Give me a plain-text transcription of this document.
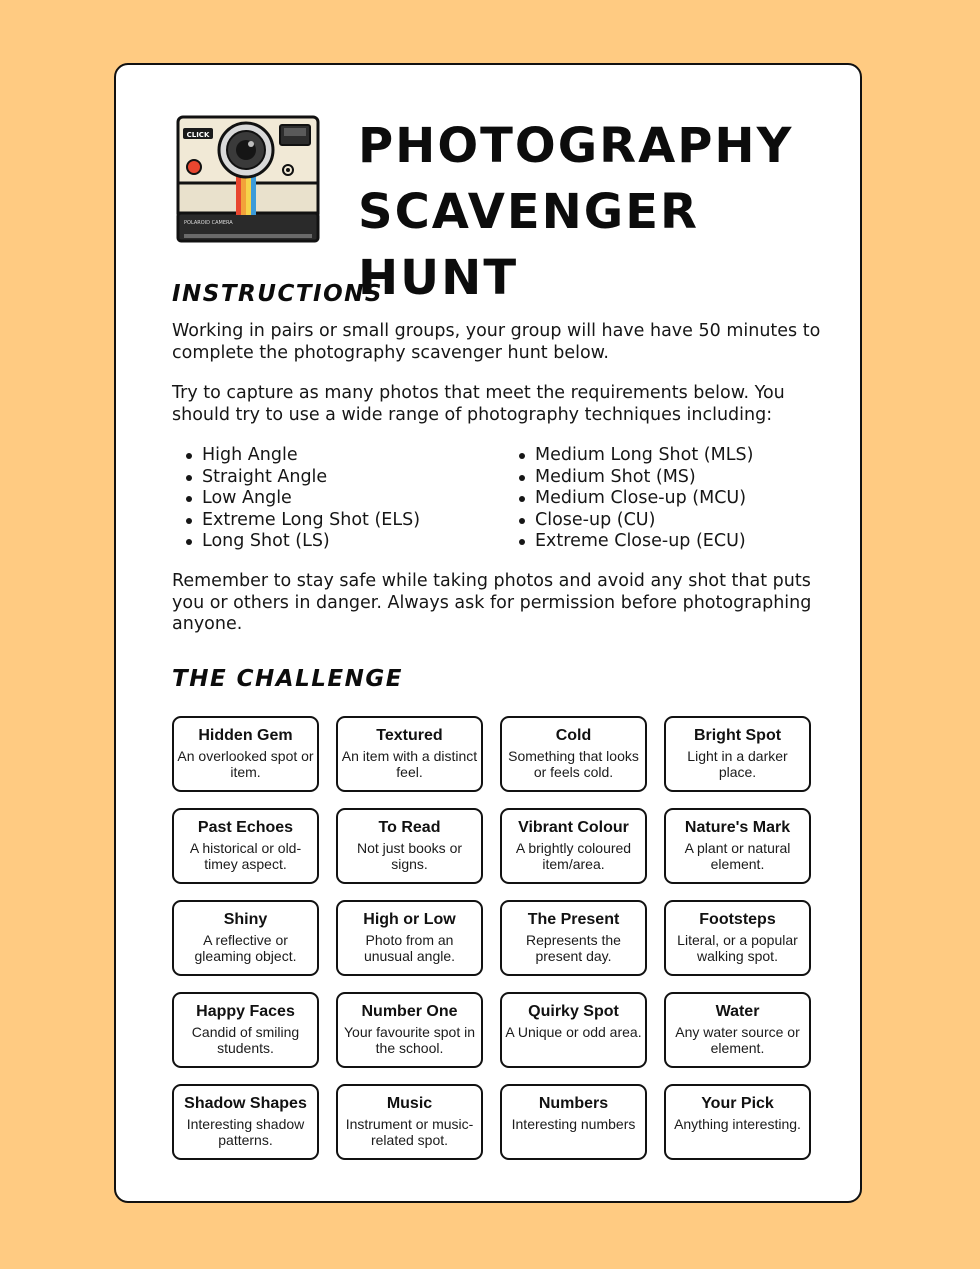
CLICK
POLAROID CAMERA
PHOTOGRAPHY
SCAVENGER HUNT
INSTRUCTIONS

Working in pairs or small groups, your group will have have 50 minutes to complete the photography scavenger hunt below.

Try to capture as many photos that meet the requirements below. You should try to use a wide range of photography techniques including:

High Angle
Straight Angle
Low Angle
Extreme Long Shot (ELS)
Long Shot (LS)
Medium Long Shot (MLS)
Medium Shot (MS)
Medium Close-up (MCU)
Close-up (CU)
Extreme Close-up (ECU)

Remember to stay safe while taking photos and avoid any shot that puts you or others in danger. Always ask for permission before photographing anyone.

THE CHALLENGE
Hidden Gem
An overlooked spot or item.
Textured
An item with a distinct feel.
Cold
Something that looks or feels cold.
Bright Spot
Light in a darker place.
Past Echoes
A historical or old-timey aspect.
To Read
Not just books or signs.
Vibrant Colour
A brightly coloured item/area.
Nature's Mark
A plant or natural element.
Shiny
A reflective or gleaming object.
High or Low
Photo from an unusual angle.
The Present
Represents the present day.
Footsteps
Literal, or a popular walking spot.
Happy Faces
Candid of smiling students.
Number One
Your favourite spot in the school.
Quirky Spot
A Unique or odd area.
Water
Any water source or element.
Shadow Shapes
Interesting shadow patterns.
Music
Instrument or music-related spot.
Numbers
Interesting numbers
Your Pick
Anything interesting.
